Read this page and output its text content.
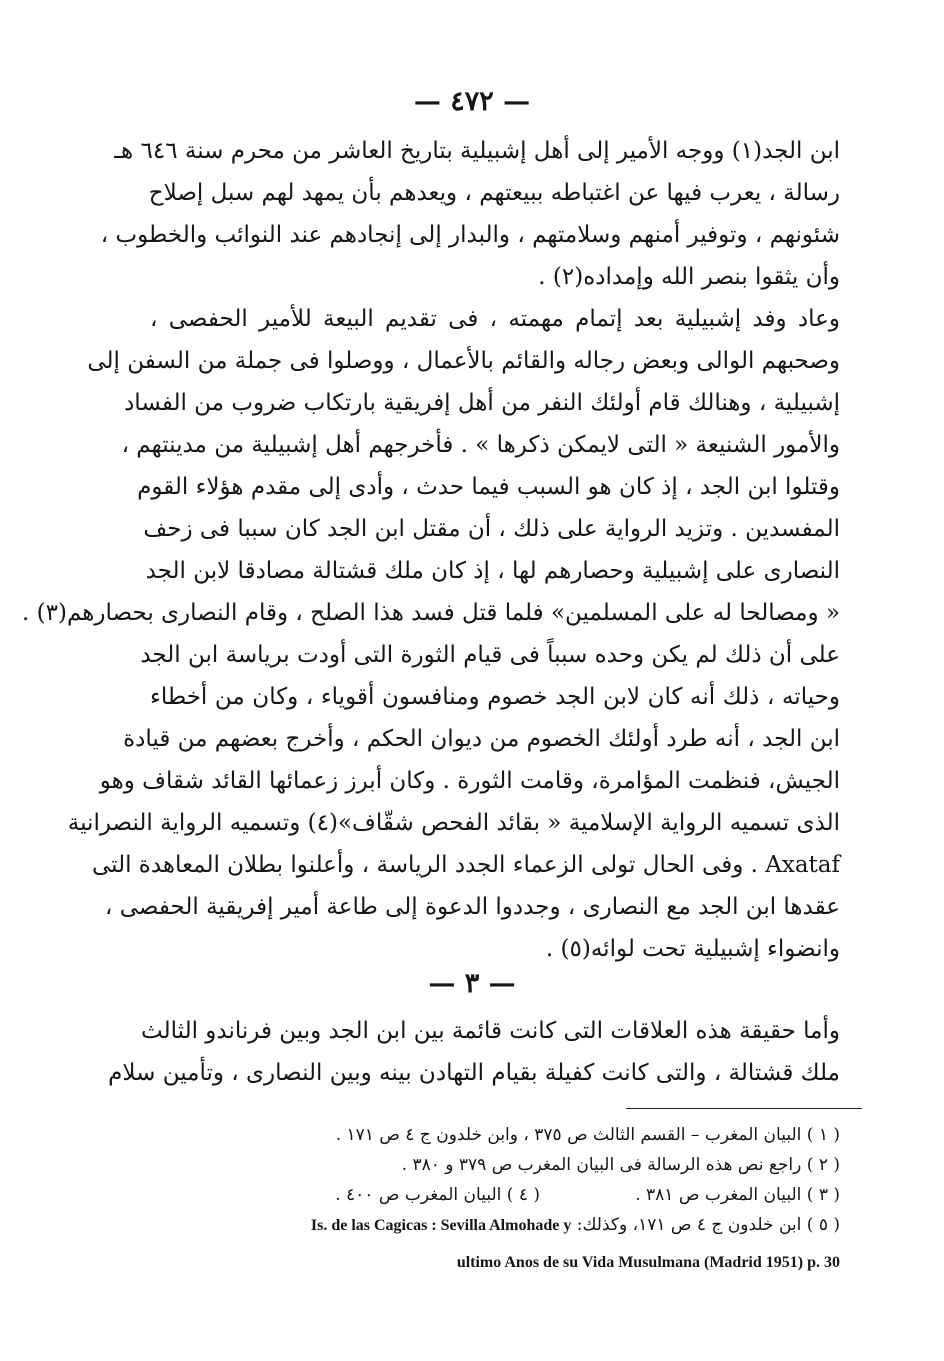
— ٤٧٢ —
ابن الجد(١) ووجه الأمير إلى أهل إشبيلية بتاريخ العاشر من محرم سنة ٦٤٦ هـ
رسالة ، يعرب فيها عن اغتباطه ببيعتهم ، ويعدهم بأن يمهد لهم سبل إصلاح
شئونهم ، وتوفير أمنهم وسلامتهم ، والبدار إلى إنجادهم عند النوائب والخطوب ،
وأن يثقوا بنصر الله وإمداده(٢) .
وعاد وفد إشبيلية بعد إتمام مهمته ، فى تقديم البيعة للأمير الحفصى ،
وصحبهم الوالى وبعض رجاله والقائم بالأعمال ، ووصلوا فى جملة من السفن إلى
إشبيلية ، وهنالك قام أولئك النفر من أهل إفريقية بارتكاب ضروب من الفساد
والأمور الشنيعة « التى لايمكن ذكرها » . فأخرجهم أهل إشبيلية من مدينتهم ،
وقتلوا ابن الجد ، إذ كان هو السبب فيما حدث ، وأدى إلى مقدم هؤلاء القوم
المفسدين . وتزيد الرواية على ذلك ، أن مقتل ابن الجد كان سببا فى زحف
النصارى على إشبيلية وحصارهم لها ، إذ كان ملك قشتالة مصادقا لابن الجد
« ومصالحا له على المسلمين» فلما قتل فسد هذا الصلح ، وقام النصارى بحصارهم(٣) .
على أن ذلك لم يكن وحده سبباً فى قيام الثورة التى أودت برياسة ابن الجد
وحياته ، ذلك أنه كان لابن الجد خصوم ومنافسون أقوياء ، وكان من أخطاء
ابن الجد ، أنه طرد أولئك الخصوم من ديوان الحكم ، وأخرج بعضهم من قيادة
الجيش، فنظمت المؤامرة، وقامت الثورة . وكان أبرز زعمائها القائد شقاف وهو
الذى تسميه الرواية الإسلامية « بقائد الفحص شقّاف»(٤) وتسميه الرواية النصرانية
Axataf . وفى الحال تولى الزعماء الجدد الرياسة ، وأعلنوا بطلان المعاهدة التى
عقدها ابن الجد مع النصارى ، وجددوا الدعوة إلى طاعة أمير إفريقية الحفصى ،
وانضواء إشبيلية تحت لوائه(٥) .
— ٣ —
وأما حقيقة هذه العلاقات التى كانت قائمة بين ابن الجد وبين فرناندو الثالث
ملك قشتالة ، والتى كانت كفيلة بقيام التهادن بينه وبين النصارى ، وتأمين سلام
( ١ ) البيان المغرب – القسم الثالث ص ٣٧٥ ، وابن خلدون ج ٤ ص ١٧١ .
( ٢ ) راجع نص هذه الرسالة فى البيان المغرب ص ٣٧٩ و ٣٨٠ .
( ٣ ) البيان المغرب ص ٣٨١ .
( ٤ ) البيان المغرب ص ٤٠٠ .
( ٥ ) ابن خلدون ج ٤ ص ١٧١، وكذلك: Is. de las Cagicas : Sevilla Almohade y
ultimo Anos de su Vida Musulmana (Madrid 1951) p. 30
